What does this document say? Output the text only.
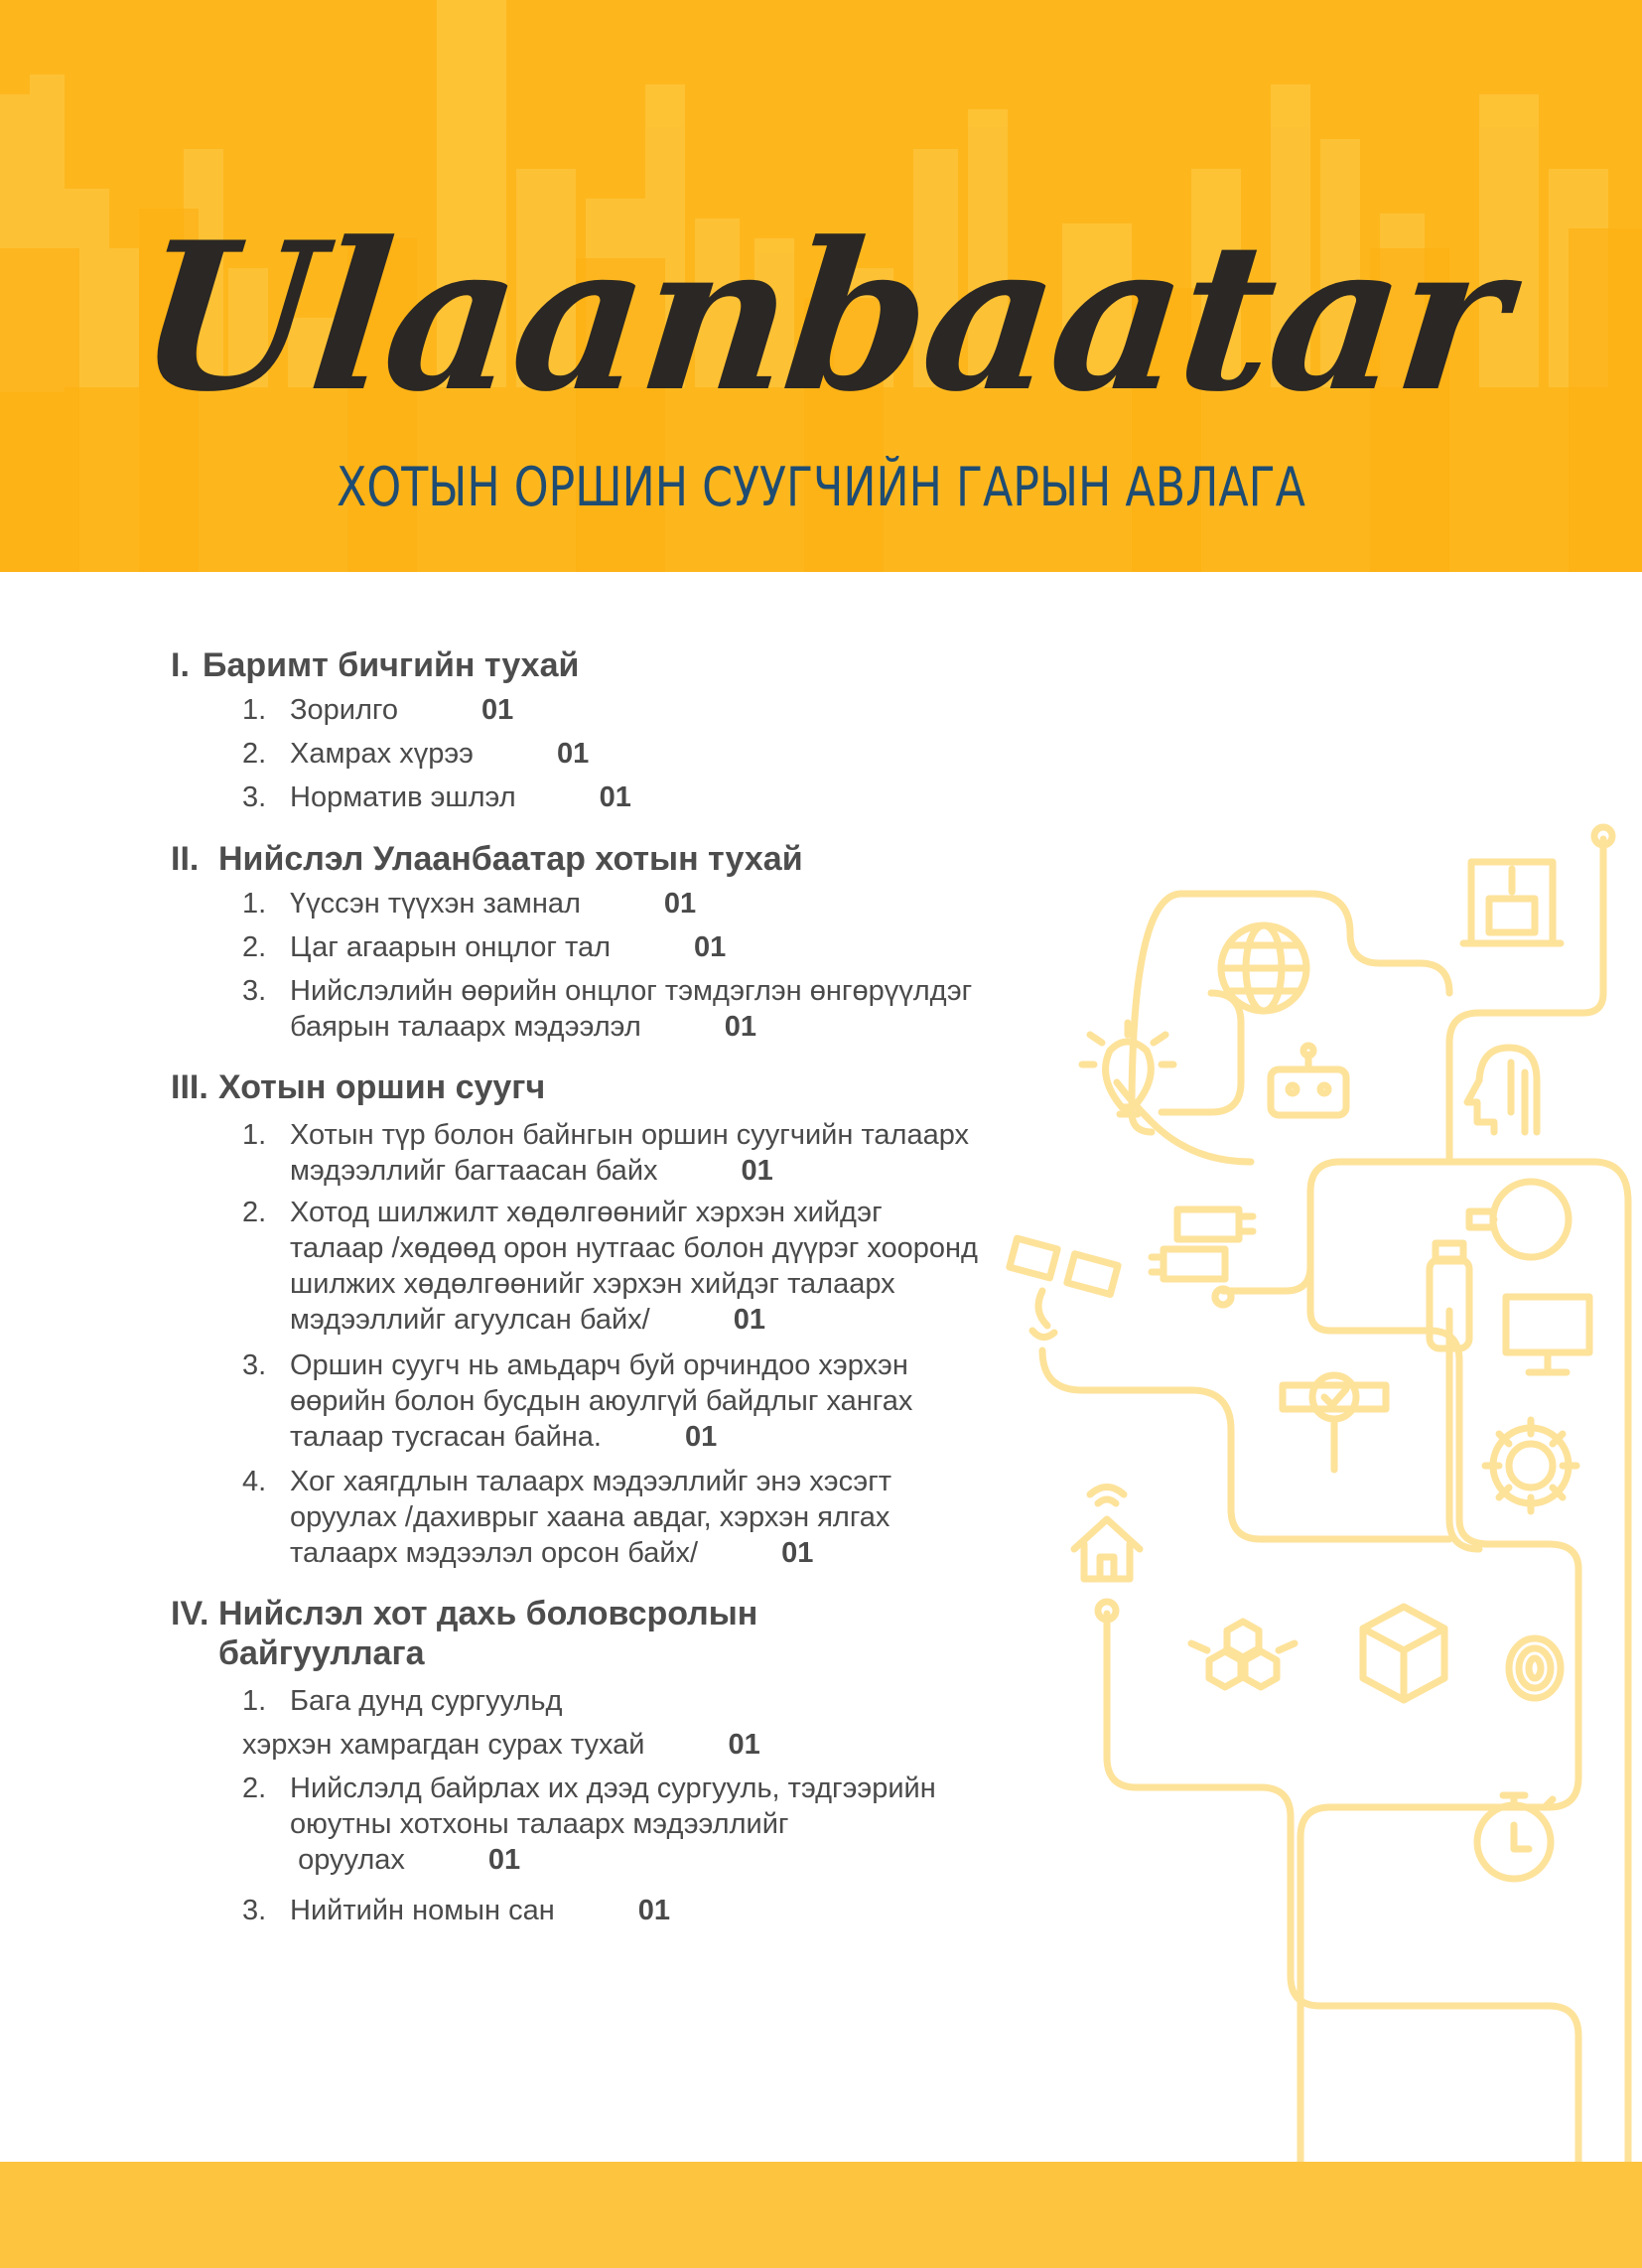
Ulaanbaatar
ХОТЫН ОРШИН СУУГЧИЙН ГАРЫН АВЛАГА
I. Баримт бичгийн тухай
1. Зорилго	01
2. Хамрах хүрээ	01
3. Норматив эшлэл	01
II. Нийслэл Улаанбаатар хотын тухай
1. Үүссэн түүхэн замнал	01
2. Цаг агаарын онцлог тал	01
3. Нийслэлийн өөрийн онцлог тэмдэглэн өнгөрүүлдэг
баярын талаарх мэдээлэл	01
III. Хотын оршин суугч
1. Хотын түр болон байнгын оршин суугчийн талаарх
мэдээллийг багтаасан байх	01
2. Хотод шилжилт хөдөлгөөнийг хэрхэн хийдэг
талаар /хөдөөд орон нутгаас болон дүүрэг хооронд
шилжих хөдөлгөөнийг хэрхэн хийдэг талаарх
мэдээллийг агуулсан байх/	01
3. Оршин суугч нь амьдарч буй орчиндоо хэрхэн
өөрийн болон бусдын аюулгүй байдлыг хангах
талаар тусгасан байна.	01
4. Хог хаягдлын талаарх мэдээллийг энэ хэсэгт
оруулах /дахиврыг хаана авдаг, хэрхэн ялгах
талаарх мэдээлэл орсон байх/	01
IV. Нийслэл хот дахь боловсролын
байгууллага
1. Бага дунд сургуульд
хэрхэн хамрагдан сурах тухай	01
2. Нийслэлд байрлах их дээд сургууль, тэдгээрийн
оюутны хотхоны талаарх мэдээллийг
оруулах	01
3. Нийтийн номын сан	01
